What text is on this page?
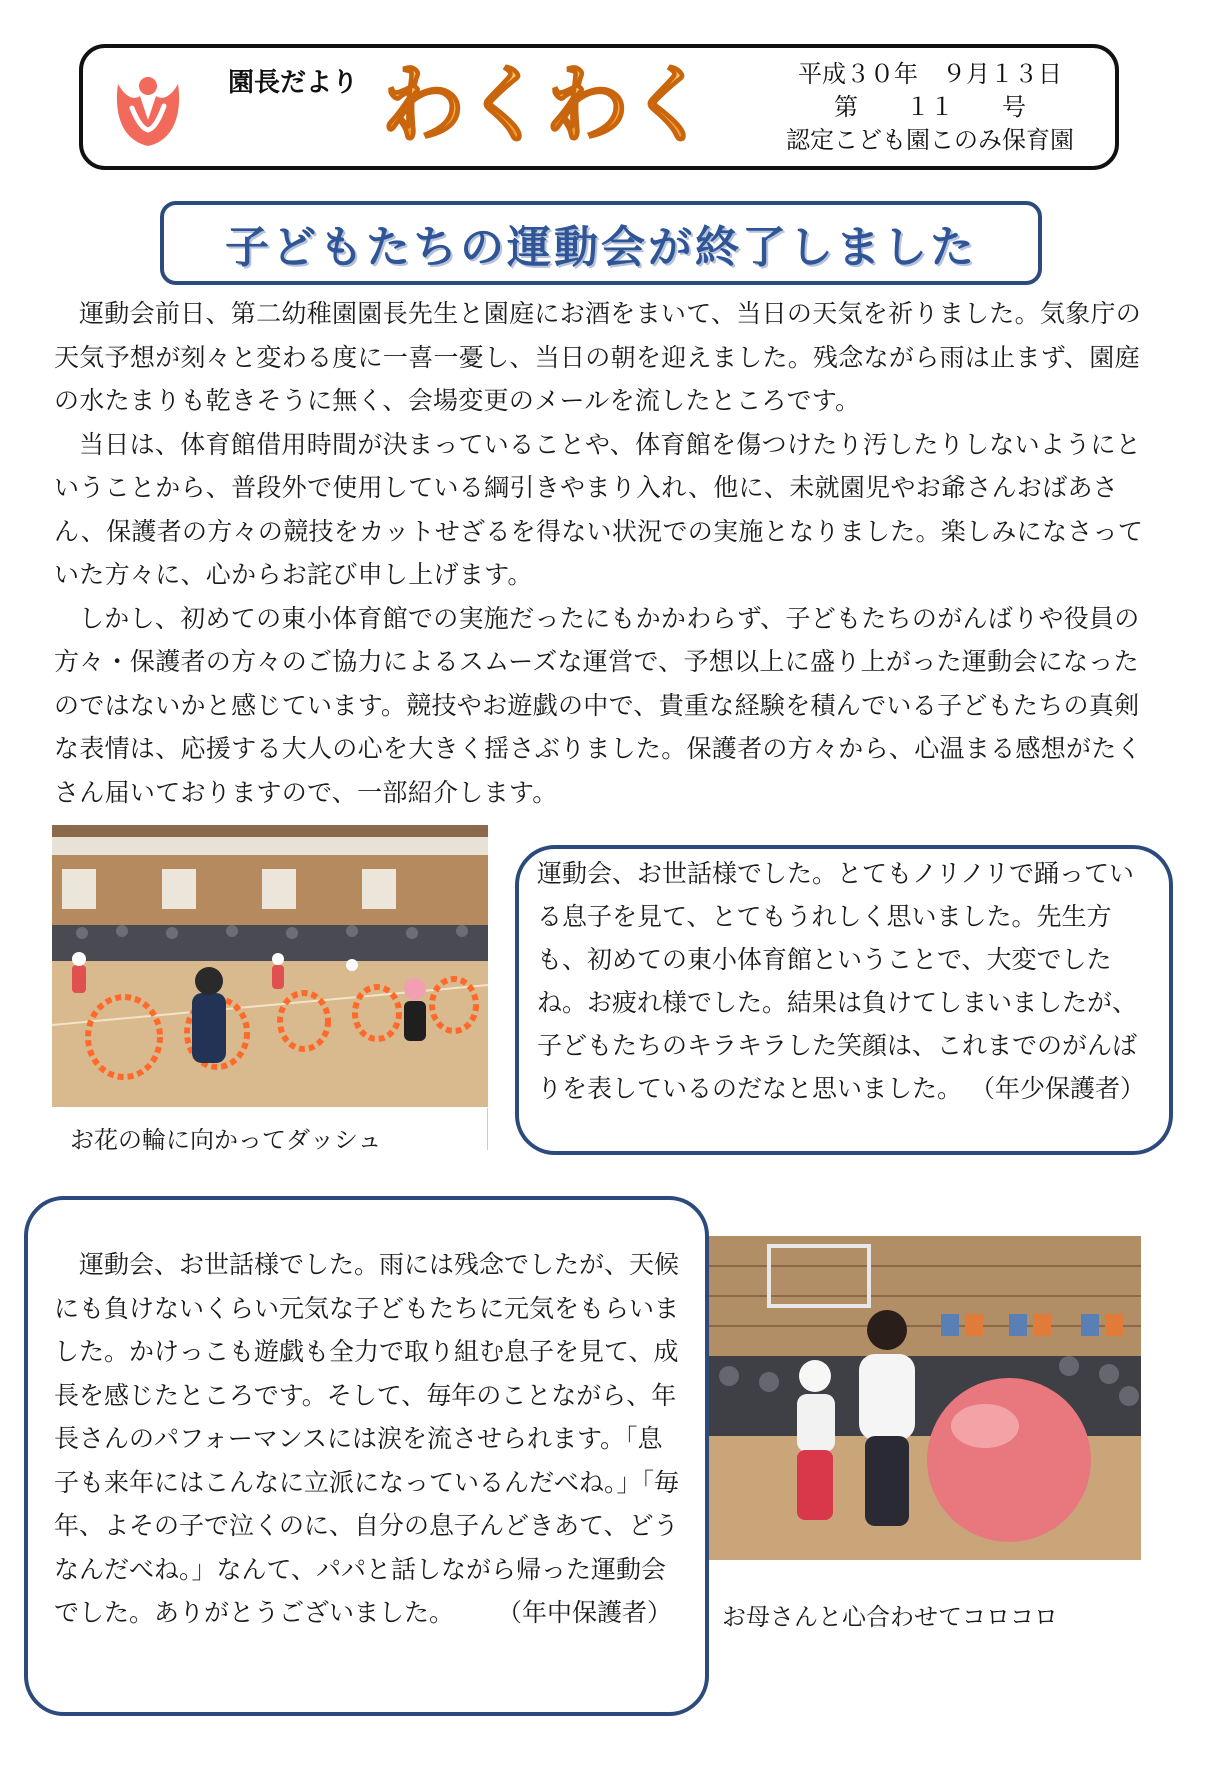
園長だより わくわく	平成３０年　９月１３日
第　　１１　　号
認定こども園このみ保育園
子どもたちの運動会が終了しました

運動会前日、第二幼稚園園長先生と園庭にお酒をまいて、当日の天気を祈りました。気象庁の天気予想が刻々と変わる度に一喜一憂し、当日の朝を迎えました。残念ながら雨は止まず、園庭の水たまりも乾きそうに無く、会場変更のメールを流したところです。

当日は、体育館借用時間が決まっていることや、体育館を傷つけたり汚したりしないようにということから、普段外で使用している綱引きやまり入れ、他に、未就園児やお爺さんおばあさん、保護者の方々の競技をカットせざるを得ない状況での実施となりました。楽しみになさっていた方々に、心からお詫び申し上げます。

しかし、初めての東小体育館での実施だったにもかかわらず、子どもたちのがんばりや役員の方々・保護者の方々のご協力によるスムーズな運営で、予想以上に盛り上がった運動会になったのではないかと感じています。競技やお遊戯の中で、貴重な経験を積んでいる子どもたちの真剣な表情は、応援する大人の心を大きく揺さぶりました。保護者の方々から、心温まる感想がたくさん届いておりますので、一部紹介します。

お花の輪に向かってダッシュ

運動会、お世話様でした。とてもノリノリで踊っている息子を見て、とてもうれしく思いました。先生方も、初めての東小体育館ということで、大変でしたね。お疲れ様でした。結果は負けてしまいましたが、子どもたちのキラキラした笑顔は、これまでのがんばりを表しているのだなと思いました。 （年少保護者）

運動会、お世話様でした。雨には残念でしたが、天候にも負けないくらい元気な子どもたちに元気をもらいました。かけっこも遊戯も全力で取り組む息子を見て、成長を感じたところです。そして、毎年のことながら、年長さんのパフォーマンスには涙を流させられます。「息子も来年にはこんなに立派になっているんだべね。」「毎年、よその子で泣くのに、自分の息子んどきあて、どうなんだべね。」なんて、パパと話しながら帰った運動会でした。ありがとうございました。	（年中保護者） お母さんと心合わせてコロコロ
